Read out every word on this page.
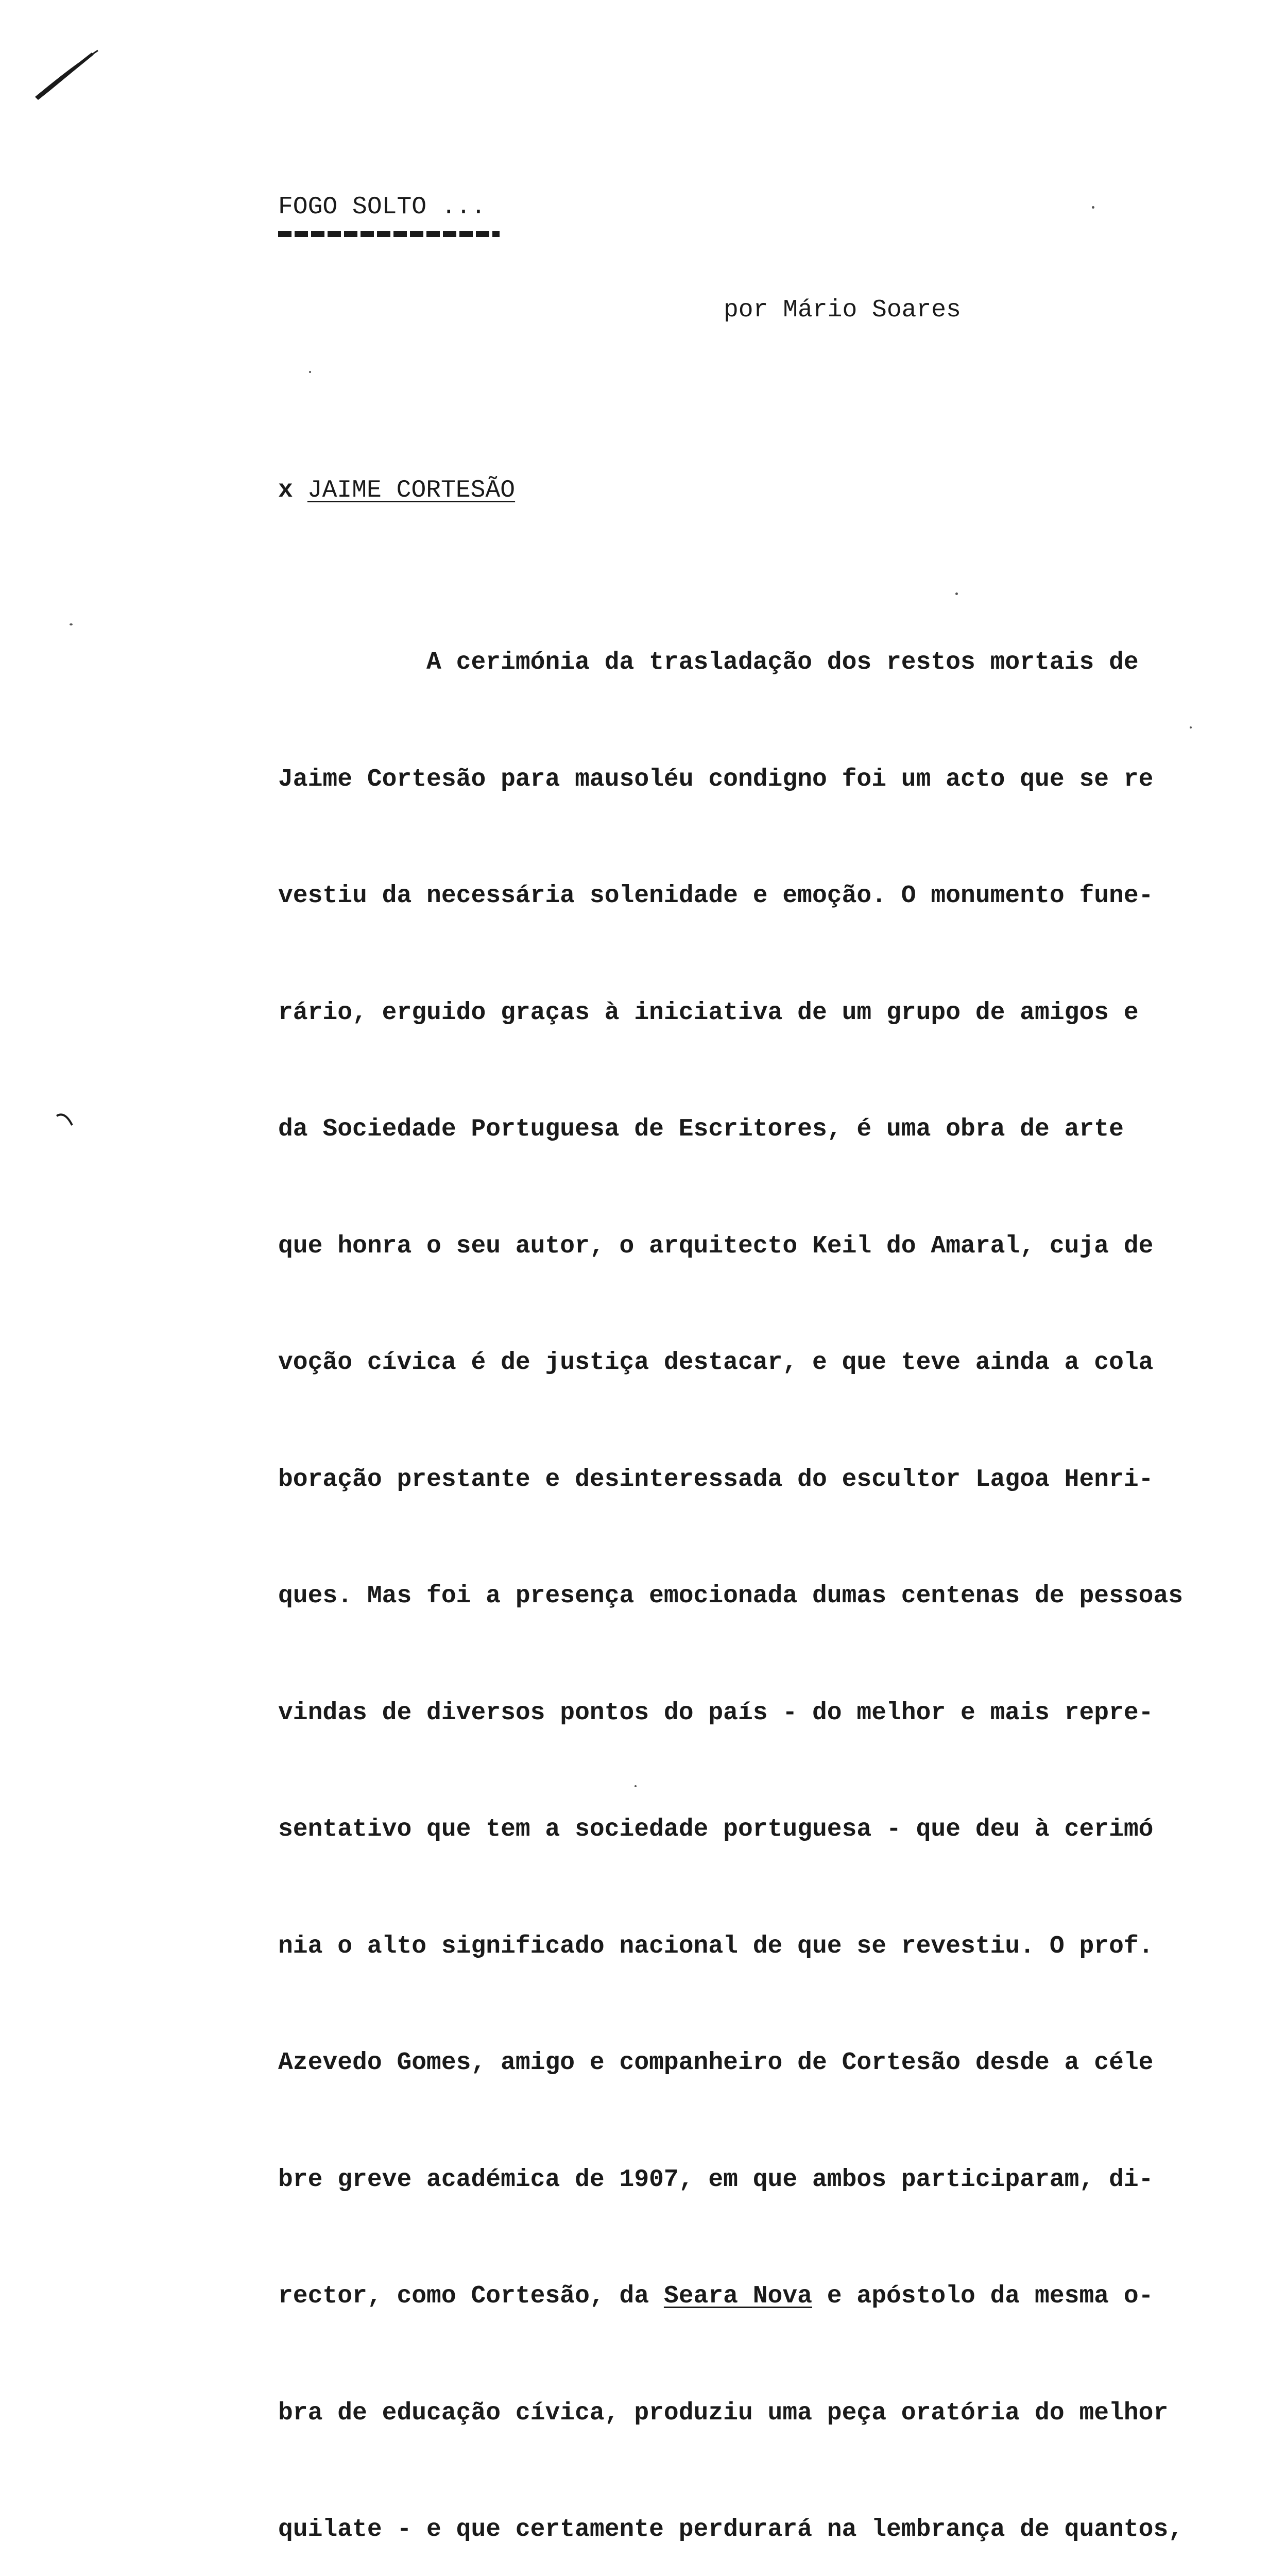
FOGO SOLTO ...
por Mário Soares
x JAIME CORTESÃO

A cerimónia da trasladação dos restos mortais de

Jaime Cortesão para mausoléu condigno foi um acto que se re

vestiu da necessária solenidade e emoção. O monumento fune-

rário, erguido graças à iniciativa de um grupo de amigos e

da Sociedade Portuguesa de Escritores, é uma obra de arte

que honra o seu autor, o arquitecto Keil do Amaral, cuja de

voção cívica é de justiça destacar, e que teve ainda a cola

boração prestante e desinteressada do escultor Lagoa Henri-

ques. Mas foi a presença emocionada dumas centenas de pessoas

vindas de diversos pontos do país - do melhor e mais repre-

sentativo que tem a sociedade portuguesa - que deu à cerimó

nia o alto significado nacional de que se revestiu. O prof.

Azevedo Gomes, amigo e companheiro de Cortesão desde a céle

bre greve académica de 1907, em que ambos participaram, di-

rector, como Cortesão, da Seara Nova e apóstolo da mesma o-

bra de educação cívica, produziu uma peça oratória do melhor

quilate - e que certamente perdurará na lembrança de quantos,
